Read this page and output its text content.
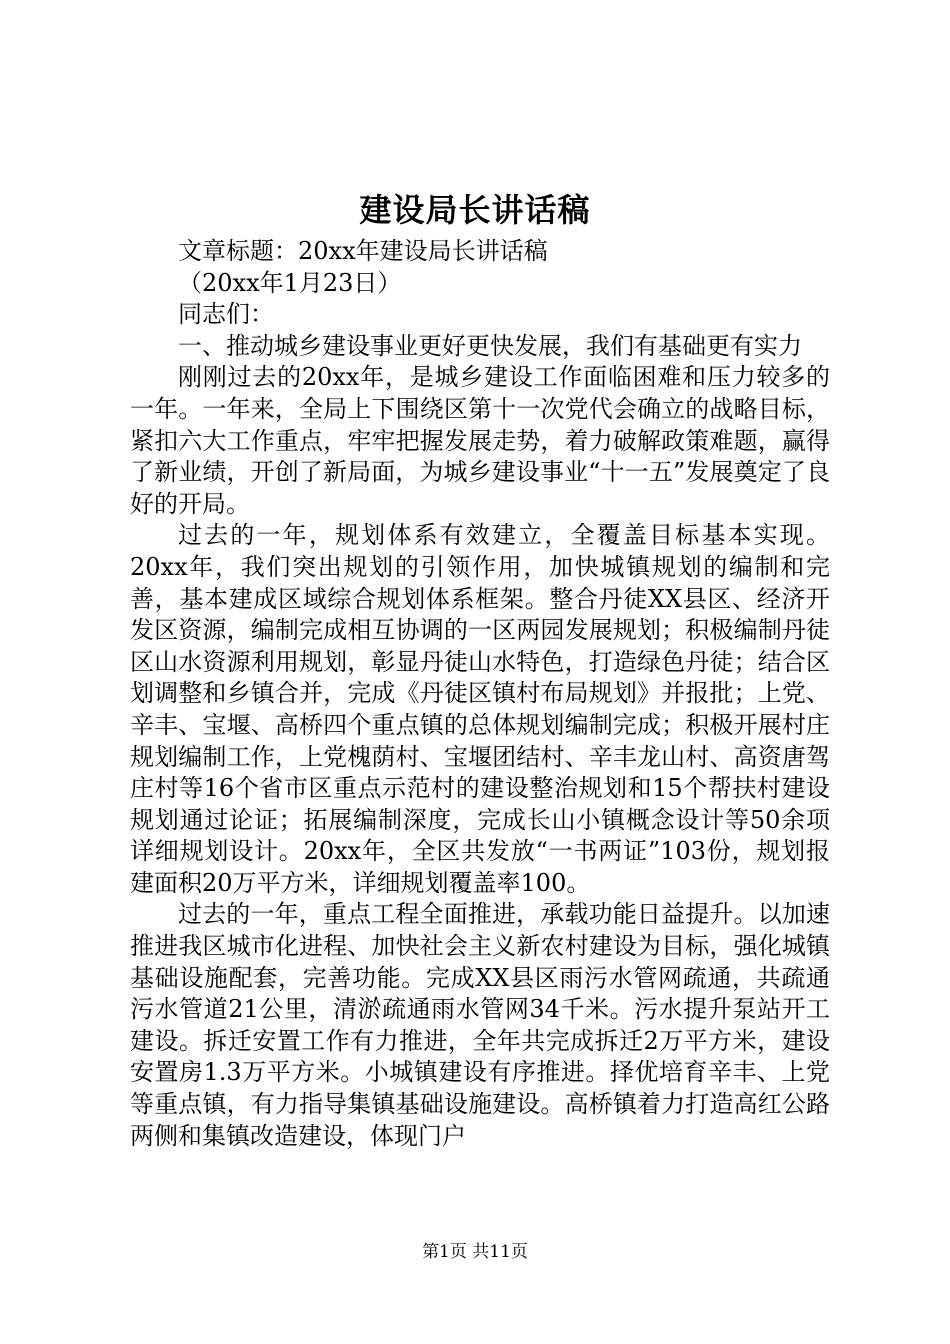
建设局长讲话稿

文章标题：20xx年建设局长讲话稿

（20xx年1月23日）

同志们：

一、推动城乡建设事业更好更快发展，我们有基础更有实力

刚刚过去的20xx年，是城乡建设工作面临困难和压力较多的一年。一年来，全局上下围绕区第十一次党代会确立的战略目标，紧扣六大工作重点，牢牢把握发展走势，着力破解政策难题，赢得了新业绩，开创了新局面，为城乡建设事业“十一五”发展奠定了良好的开局。

过去的一年，规划体系有效建立，全覆盖目标基本实现。20xx年，我们突出规划的引领作用，加快城镇规划的编制和完善，基本建成区域综合规划体系框架。整合丹徒XX县区、经济开发区资源，编制完成相互协调的一区两园发展规划；积极编制丹徒区山水资源利用规划，彰显丹徒山水特色，打造绿色丹徒；结合区划调整和乡镇合并，完成《丹徒区镇村布局规划》并报批；上党、辛丰、宝堰、高桥四个重点镇的总体规划编制完成；积极开展村庄规划编制工作，上党槐荫村、宝堰团结村、辛丰龙山村、高资唐驾庄村等16个省市区重点示范村的建设整治规划和15个帮扶村建设规划通过论证；拓展编制深度，完成长山小镇概念设计等50余项详细规划设计。20xx年，全区共发放“一书两证”103份，规划报建面积20万平方米，详细规划覆盖率100。

过去的一年，重点工程全面推进，承载功能日益提升。以加速推进我区城市化进程、加快社会主义新农村建设为目标，强化城镇基础设施配套，完善功能。完成XX县区雨污水管网疏通，共疏通污水管道21公里，清淤疏通雨水管网34千米。污水提升泵站开工建设。拆迁安置工作有力推进，全年共完成拆迁2万平方米，建设安置房1.3万平方米。小城镇建设有序推进。择优培育辛丰、上党等重点镇，有力指导集镇基础设施建设。高桥镇着力打造高红公路两侧和集镇改造建设，体现门户

第1页 共11页
